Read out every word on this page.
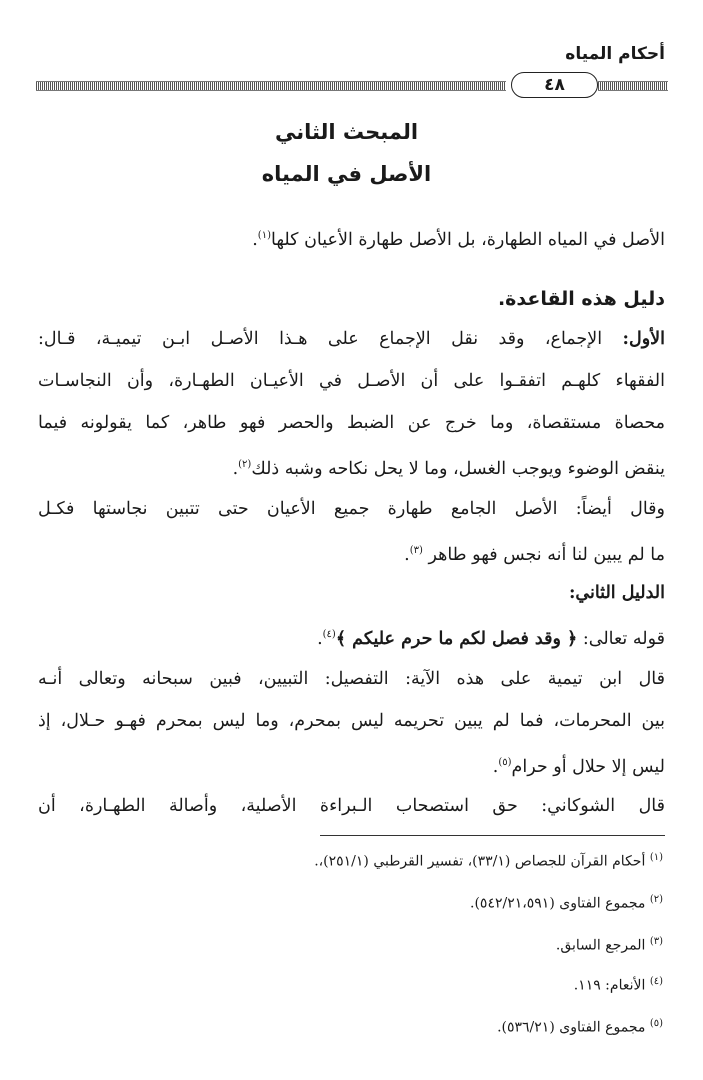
أحكام المياه
٤٨
المبحث الثاني
الأصل في المياه
الأصل في المياه الطهارة، بل الأصل طهارة الأعيان كلها$^{(١)}$.
دليل هذه القاعدة.
الأول: الإجماع، وقد نقل الإجماع على هـذا الأصـل ابـن تيميـة، قـال:
الفقهاء كلهـم اتفقـوا على أن الأصـل في الأعيـان الطهـارة، وأن النجاسـات
محصاة مستقصاة، وما خرج عن الضبط والحصر فهو طاهر، كما يقولونه فيما
ينقض الوضوء ويوجب الغسل، وما لا يحل نكاحه وشبه ذلك$^{(٢)}$.
وقال أيضاً: الأصل الجامع طهارة جميع الأعيان حتى تتبين نجاستها فكـل
ما لم يبين لنا أنه نجس فهو طاهر $^{(٣)}$.
الدليل الثاني:
قوله تعالى: ﴿ وقد فصل لكم ما حرم عليكم ﴾$^{(٤)}$.
قال ابن تيمية على هذه الآية: التفصيل: التبيين، فبين سبحانه وتعالى أنـه
بين المحرمات، فما لم يبين تحريمه ليس بمحرم، وما ليس بمحرم فهـو حـلال، إذ
ليس إلا حلال أو حرام$^{(٥)}$.
قال الشوكاني: حق استصحاب الـبراءة الأصلية، وأصالة الطهـارة، أن
$^{(١)}$ أحكام القرآن للجصاص (٣٣/١)، تفسير القرطبي (٢٥١/١)،.
$^{(٢)}$ مجموع الفتاوى (٥٤٢/٢١،٥٩١).
$^{(٣)}$ المرجع السابق.
$^{(٤)}$ الأنعام: ١١٩.
$^{(٥)}$ مجموع الفتاوى (٥٣٦/٢١).
